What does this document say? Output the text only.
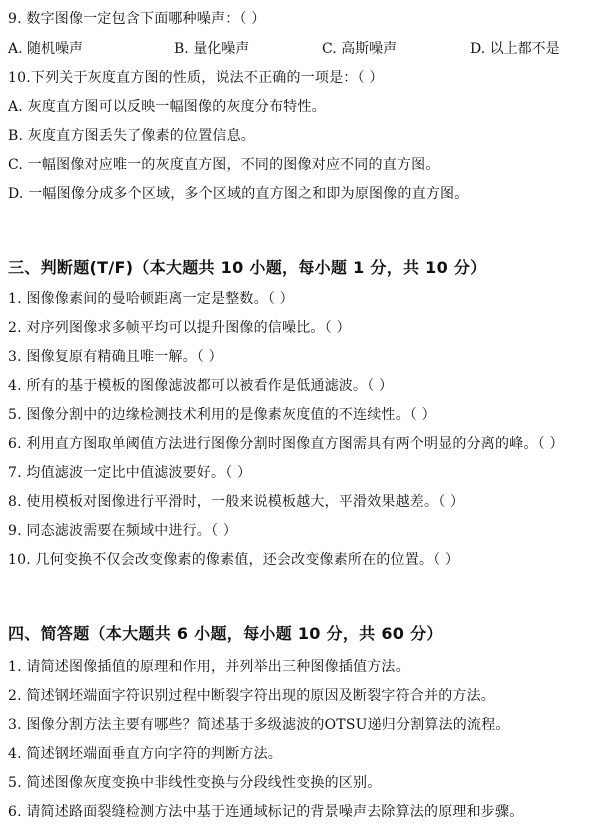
9. 数字图像一定包含下面哪种噪声：（ ）
A. 随机噪声	B. 量化噪声	C. 高斯噪声	D. 以上都不是
10.下列关于灰度直方图的性质，说法不正确的一项是：（ ）
A. 灰度直方图可以反映一幅图像的灰度分布特性。
B. 灰度直方图丢失了像素的位置信息。
C. 一幅图像对应唯一的灰度直方图，不同的图像对应不同的直方图。
D. 一幅图像分成多个区域，多个区域的直方图之和即为原图像的直方图。
三、判断题(T/F)（本大题共 10 小题，每小题 1 分，共 10 分）
1. 图像像素间的曼哈顿距离一定是整数。（ ）
2. 对序列图像求多帧平均可以提升图像的信噪比。（ ）
3. 图像复原有精确且唯一解。（ ）
4. 所有的基于模板的图像滤波都可以被看作是低通滤波。（ ）
5. 图像分割中的边缘检测技术利用的是像素灰度值的不连续性。（ ）
6. 利用直方图取单阈值方法进行图像分割时图像直方图需具有两个明显的分离的峰。（ ）
7. 均值滤波一定比中值滤波要好。（ ）
8. 使用模板对图像进行平滑时，一般来说模板越大，平滑效果越差。（ ）
9. 同态滤波需要在频域中进行。（ ）
10. 几何变换不仅会改变像素的像素值，还会改变像素所在的位置。（ ）
四、简答题（本大题共 6 小题，每小题 10 分，共 60 分）
1. 请简述图像插值的原理和作用，并列举出三种图像插值方法。
2. 简述钢坯端面字符识别过程中断裂字符出现的原因及断裂字符合并的方法。
3. 图像分割方法主要有哪些？简述基于多级滤波的OTSU递归分割算法的流程。
4. 简述钢坯端面垂直方向字符的判断方法。
5. 简述图像灰度变换中非线性变换与分段线性变换的区别。
6. 请简述路面裂缝检测方法中基于连通域标记的背景噪声去除算法的原理和步骤。
